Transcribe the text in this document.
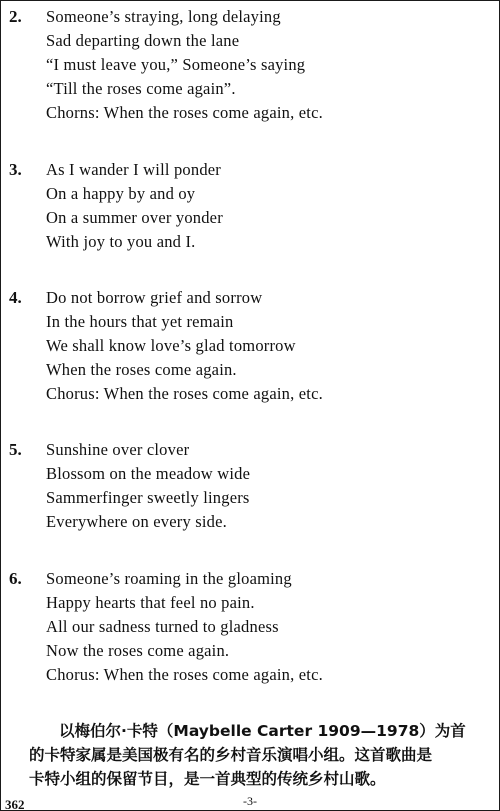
2. Someone’s straying, long delaying
Sad departing down the lane
“I must leave you,” Someone’s saying
“Till the roses come again”.
Chorns: When the roses come again, etc.
3. As I wander I will ponder
On a happy by and oy
On a summer over yonder
With joy to you and I.
4. Do not borrow grief and sorrow
In the hours that yet remain
We shall know love’s glad tomorrow
When the roses come again.
Chorus: When the roses come again, etc.
5. Sunshine over clover
Blossom on the meadow wide
Sammerfinger sweetly lingers
Everywhere on every side.
6. Someone’s roaming in the gloaming
Happy hearts that feel no pain.
All our sadness turned to gladness
Now the roses come again.
Chorus: When the roses come again, etc.
以梅伯尔·卡特（Maybelle Carter 1909—1978）为首
的卡特家属是美国极有名的乡村音乐演唱小组。这首歌曲是
卡特小组的保留节目，是一首典型的传统乡村山歌。
362	-3-
